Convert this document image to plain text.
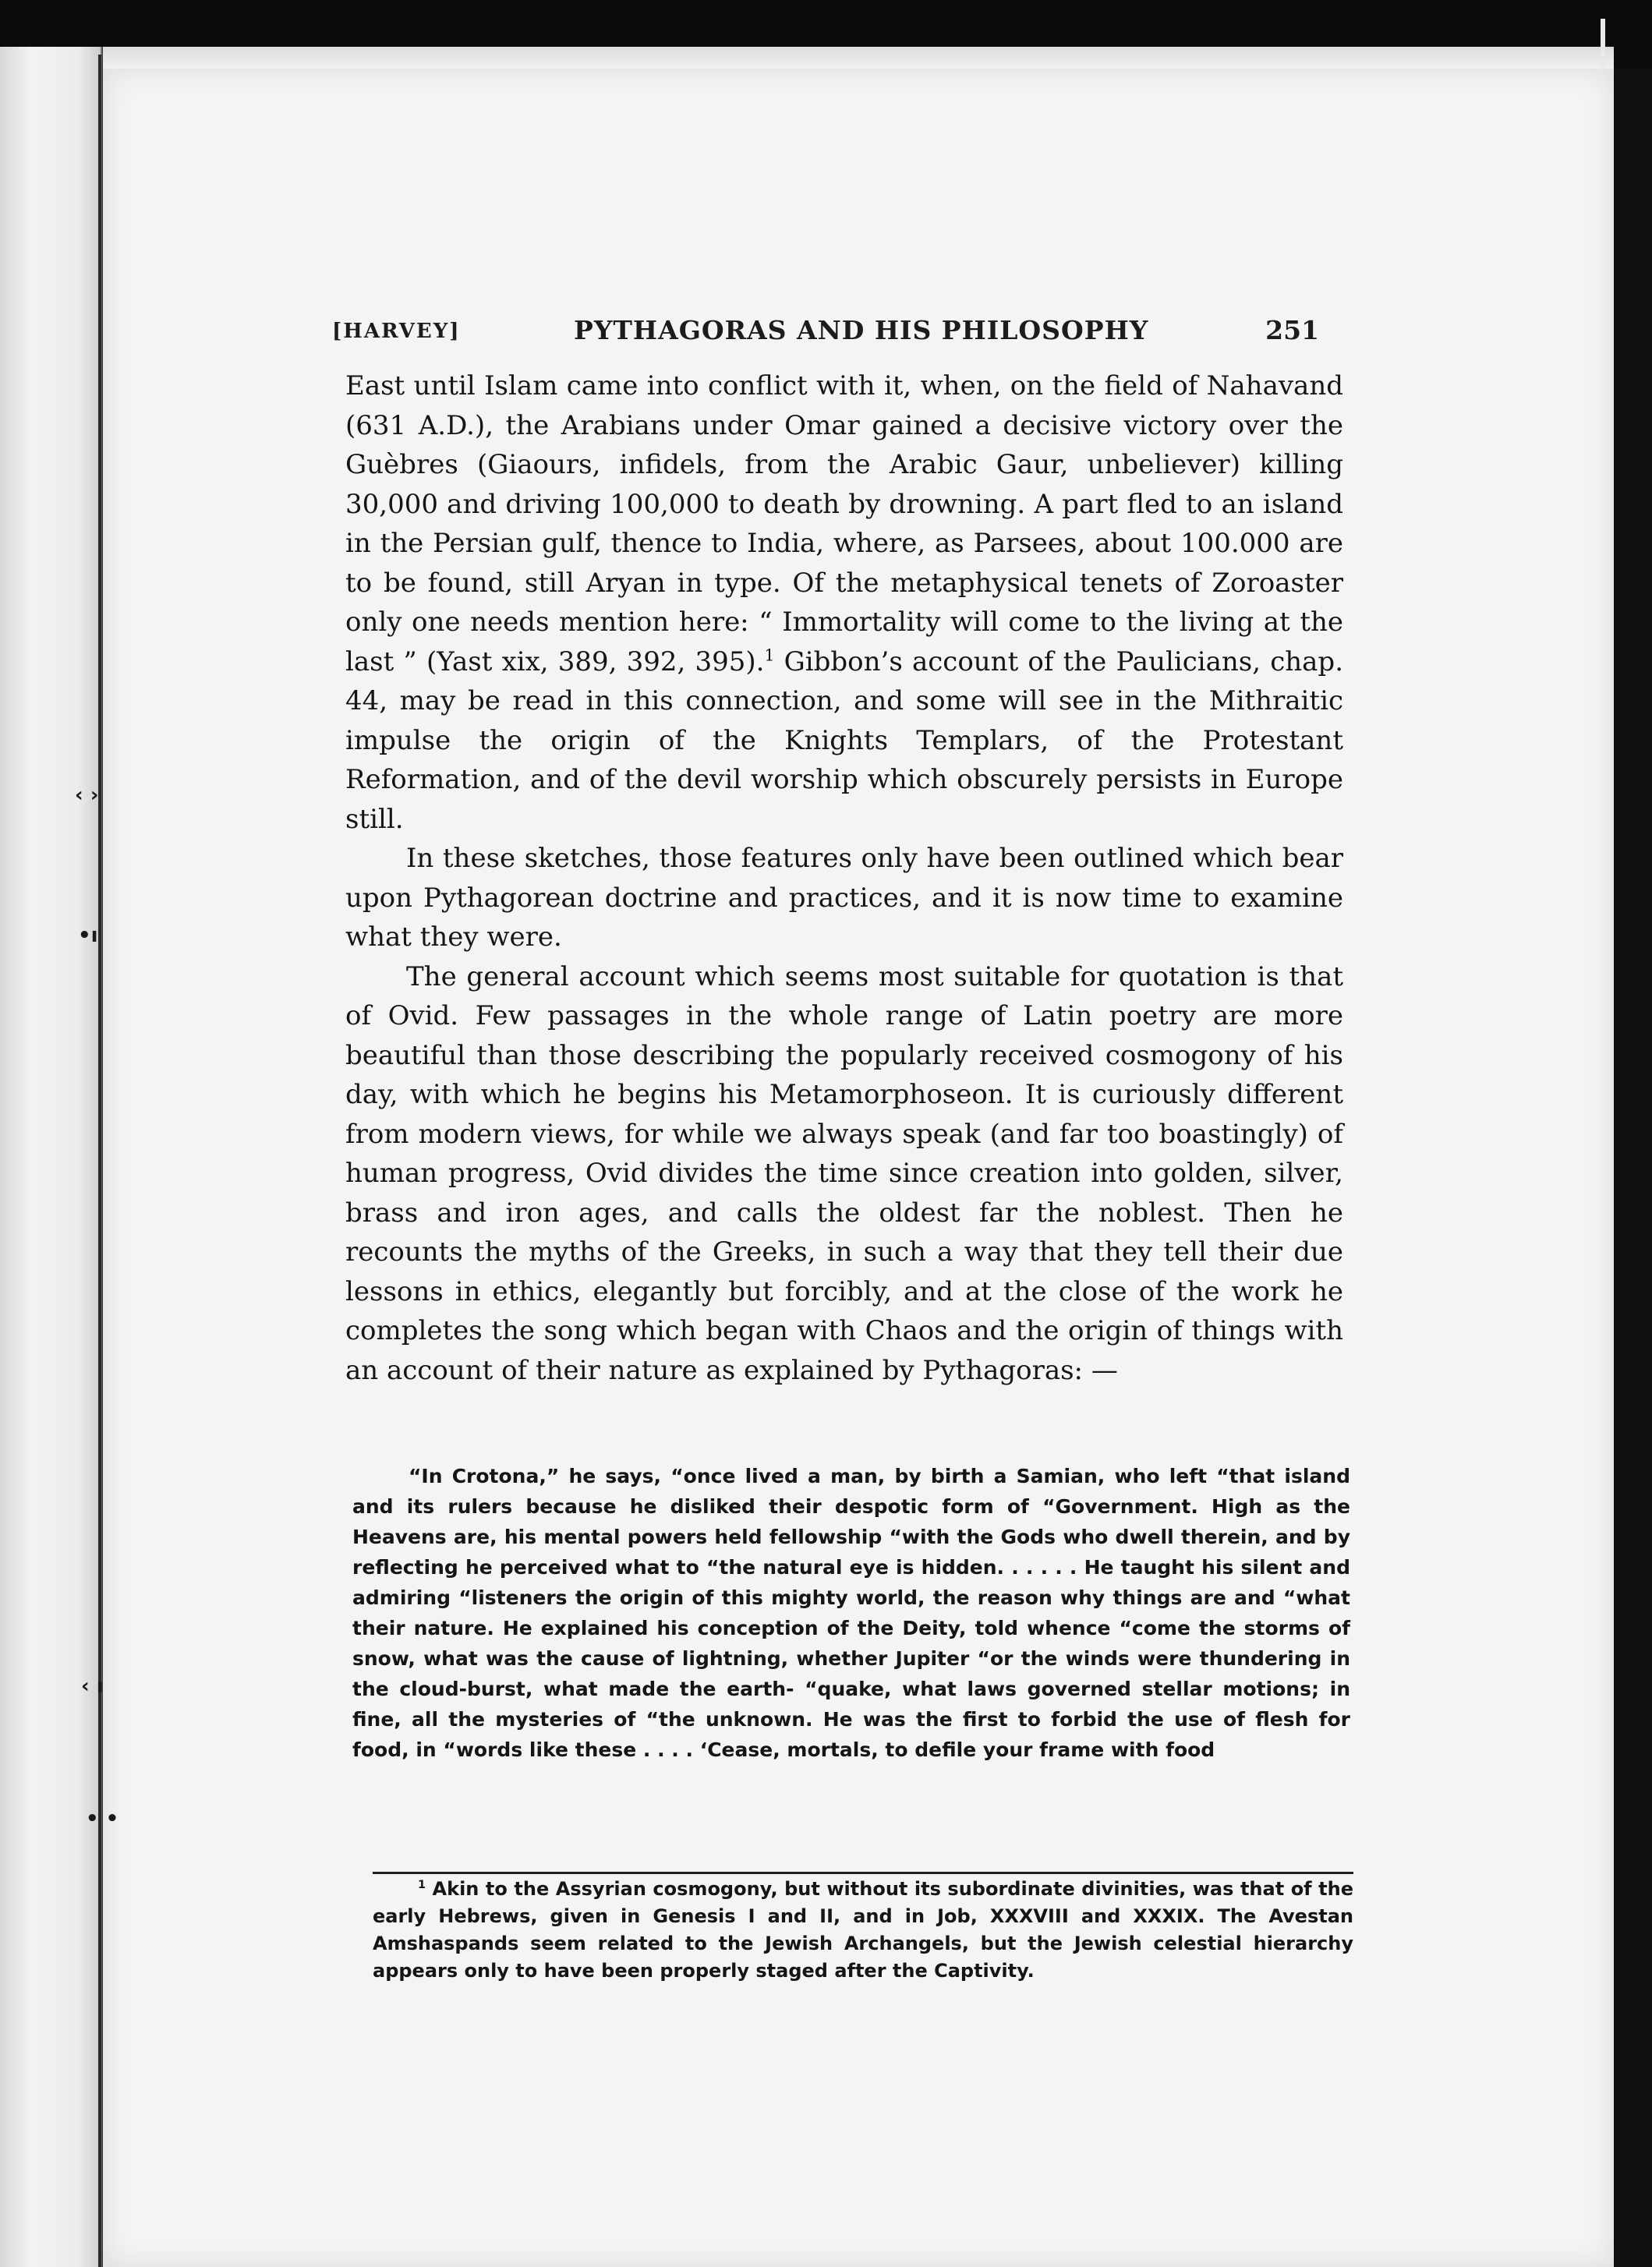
‹ ›
•ı
‹ ı
• •
[HARVEY]	PYTHAGORAS AND HIS PHILOSOPHY	251

East until Islam came into conflict with it, when, on the field of Nahavand (631 A.D.), the Arabians under Omar gained a decisive victory over the Guèbres (Giaours, infidels, from the Arabic Gaur, unbeliever) killing 30,000 and driving 100,000 to death by drowning. A part fled to an island in the Persian gulf, thence to India, where, as Parsees, about 100.000 are to be found, still Aryan in type. Of the metaphysical tenets of Zoroaster only one needs mention here: “ Immortality will come to the living at the last ” (Yast xix, 389, 392, 395).$^1$ Gibbon’s account of the Paulicians, chap. 44, may be read in this connection, and some will see in the Mithraitic impulse the origin of the Knights Templars, of the Protestant Reformation, and of the devil worship which obscurely persists in Europe still.

In these sketches, those features only have been outlined which bear upon Pythagorean doctrine and practices, and it is now time to examine what they were.

The general account which seems most suitable for quotation is that of Ovid. Few passages in the whole range of Latin poetry are more beautiful than those describing the popularly received cosmogony of his day, with which he begins his Metamorphoseon. It is curiously different from modern views, for while we always speak (and far too boastingly) of human progress, Ovid divides the time since creation into golden, silver, brass and iron ages, and calls the oldest far the noblest. Then he recounts the myths of the Greeks, in such a way that they tell their due lessons in ethics, elegantly but forcibly, and at the close of the work he completes the song which began with Chaos and the origin of things with an account of their nature as explained by Pythagoras: —

“In Crotona,” he says, “once lived a man, by birth a Samian, who left “that island and its rulers because he disliked their despotic form of “Government. High as the Heavens are, his mental powers held fellowship “with the Gods who dwell therein, and by reflecting he perceived what to “the natural eye is hidden. . . . . . He taught his silent and admiring “listeners the origin of this mighty world, the reason why things are and “what their nature. He explained his conception of the Deity, told whence “come the storms of snow, what was the cause of lightning, whether Jupiter “or the winds were thundering in the cloud-burst, what made the earth- “quake, what laws governed stellar motions; in fine, all the mysteries of “the unknown. He was the first to forbid the use of flesh for food, in “words like these . . . . ‘Cease, mortals, to defile your frame with food
$^1$ Akin to the Assyrian cosmogony, but without its subordinate divinities, was that of the early Hebrews, given in Genesis I and II, and in Job, XXXVIII and XXXIX. The Avestan Amshaspands seem related to the Jewish Archangels, but the Jewish celestial hierarchy appears only to have been properly staged after the Captivity.
